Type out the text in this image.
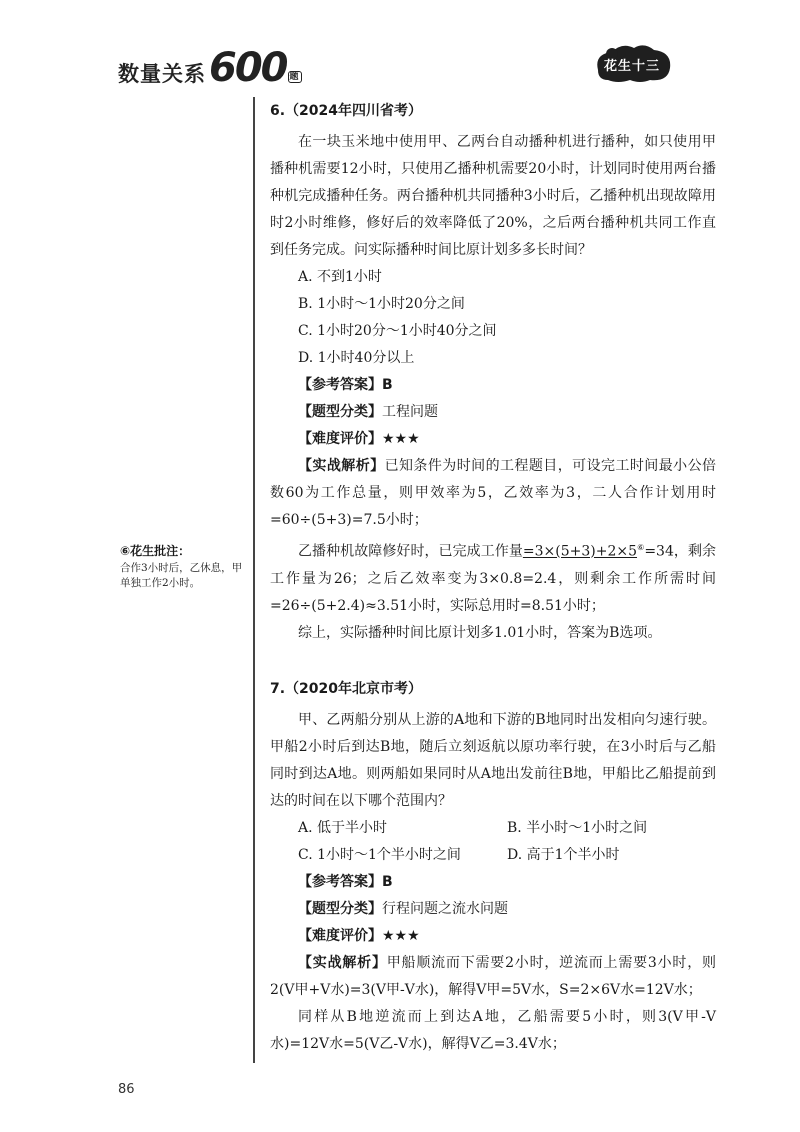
数量关系600 题
花生十三
6.（2024年四川省考）

在一块玉米地中使用甲、乙两台自动播种机进行播种，如只使用甲播种机需要12小时，只使用乙播种机需要20小时，计划同时使用两台播种机完成播种任务。两台播种机共同播种3小时后，乙播种机出现故障用时2小时维修，修好后的效率降低了20%，之后两台播种机共同工作直到任务完成。问实际播种时间比原计划多多长时间？

A. 不到1小时

B. 1小时～1小时20分之间

C. 1小时20分～1小时40分之间

D. 1小时40分以上

【参考答案】B

【题型分类】工程问题

【难度评价】★★★

【实战解析】已知条件为时间的工程题目，可设完工时间最小公倍数60为工作总量，则甲效率为5，乙效率为3，二人合作计划用时=60÷(5+3)=7.5小时；

乙播种机故障修好时，已完成工作量=3×(5+3)+2×5⑥=34，剩余工作量为26；之后乙效率变为3×0.8=2.4，则剩余工作所需时间=26÷(5+2.4)≈3.51小时，实际总用时=8.51小时；

综上，实际播种时间比原计划多1.01小时，答案为B选项。

⑥花生批注：
合作3小时后，乙休息，甲单独工作2小时。
7.（2020年北京市考）

甲、乙两船分别从上游的A地和下游的B地同时出发相向匀速行驶。甲船2小时后到达B地，随后立刻返航以原功率行驶，在3小时后与乙船同时到达A地。则两船如果同时从A地出发前往B地，甲船比乙船提前到达的时间在以下哪个范围内？

A. 低于半小时	B. 半小时～1小时之间
C. 1小时～1个半小时之间	D. 高于1个半小时

【参考答案】B

【题型分类】行程问题之流水问题

【难度评价】★★★

【实战解析】甲船顺流而下需要2小时，逆流而上需要3小时，则2(V甲+V水)=3(V甲-V水)，解得V甲=5V水，S=2×6V水=12V水；

同样从B地逆流而上到达A地，乙船需要5小时，则3(V甲-V水)=12V水=5(V乙-V水)，解得V乙=3.4V水；

86
